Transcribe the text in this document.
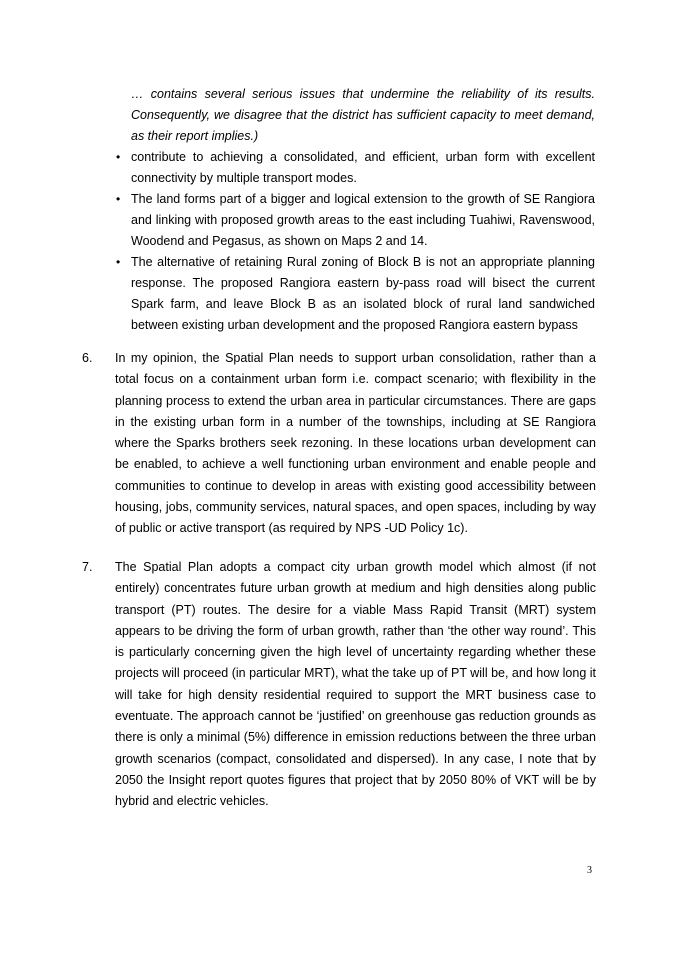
… contains several serious issues that undermine the reliability of its results. Consequently, we disagree that the district has sufficient capacity to meet demand, as their report implies.)

• contribute to achieving a consolidated, and efficient, urban form with excellent connectivity by multiple transport modes.
• The land forms part of a bigger and logical extension to the growth of SE Rangiora and linking with proposed growth areas to the east including Tuahiwi, Ravenswood, Woodend and Pegasus, as shown on Maps 2 and 14.
• The alternative of retaining Rural zoning of Block B is not an appropriate planning response. The proposed Rangiora eastern by-pass road will bisect the current Spark farm, and leave Block B as an isolated block of rural land sandwiched between existing urban development and the proposed Rangiora eastern bypass
6. In my opinion, the Spatial Plan needs to support urban consolidation, rather than a total focus on a containment urban form i.e. compact scenario; with flexibility in the planning process to extend the urban area in particular circumstances. There are gaps in the existing urban form in a number of the townships, including at SE Rangiora where the Sparks brothers seek rezoning. In these locations urban development can be enabled, to achieve a well functioning urban environment and enable people and communities to continue to develop in areas with existing good accessibility between housing, jobs, community services, natural spaces, and open spaces, including by way of public or active transport (as required by NPS -UD Policy 1c).
7. The Spatial Plan adopts a compact city urban growth model which almost (if not entirely) concentrates future urban growth at medium and high densities along public transport (PT) routes. The desire for a viable Mass Rapid Transit (MRT) system appears to be driving the form of urban growth, rather than ‘the other way round’. This is particularly concerning given the high level of uncertainty regarding whether these projects will proceed (in particular MRT), what the take up of PT will be, and how long it will take for high density residential required to support the MRT business case to eventuate. The approach cannot be ‘justified’ on greenhouse gas reduction grounds as there is only a minimal (5%) difference in emission reductions between the three urban growth scenarios (compact, consolidated and dispersed). In any case, I note that by 2050 the Insight report quotes figures that project that by 2050 80% of VKT will be by hybrid and electric vehicles.
3
